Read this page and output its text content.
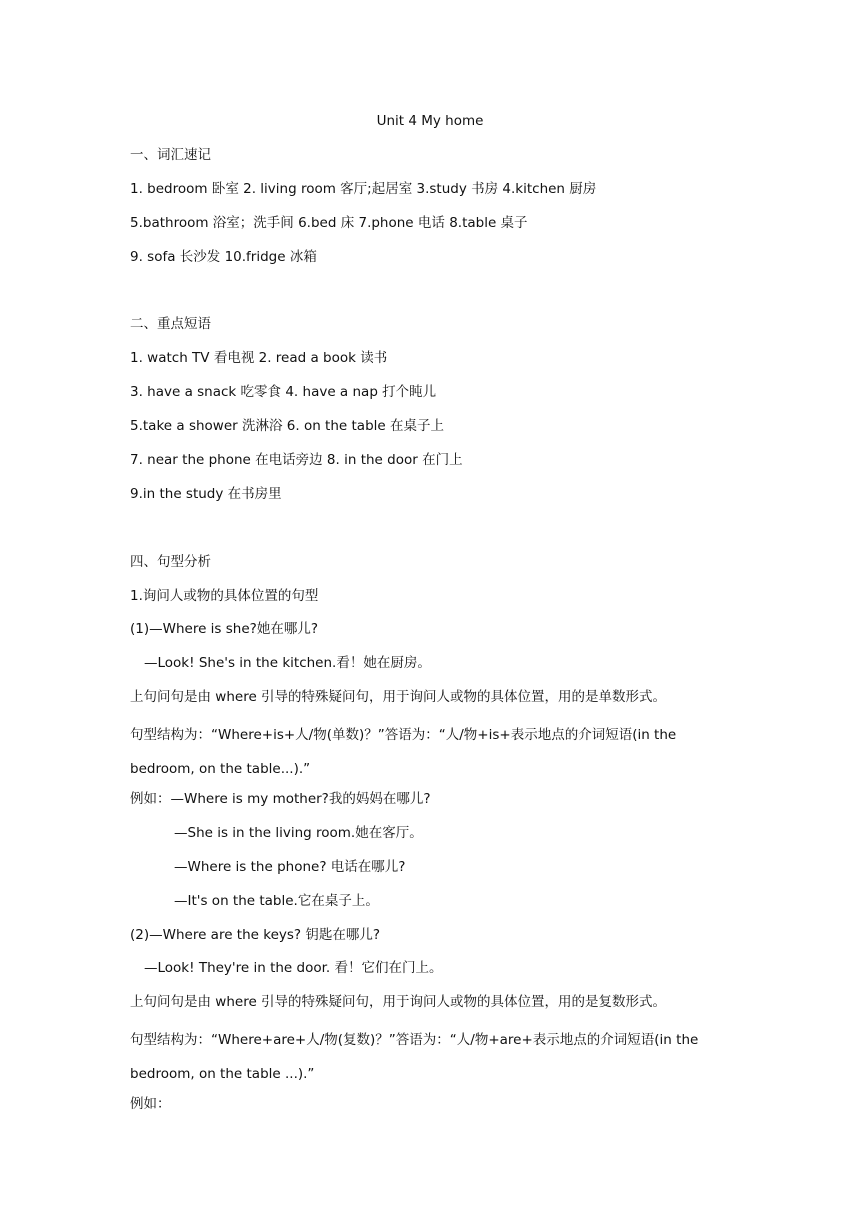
Unit 4 My home
一、词汇速记
1. bedroom 卧室 2. living room 客厅;起居室 3.study 书房 4.kitchen 厨房
5.bathroom 浴室；洗手间 6.bed 床 7.phone 电话 8.table 桌子
9. sofa 长沙发 10.fridge 冰箱
二、重点短语
1. watch TV 看电视 2. read a book 读书
3. have a snack 吃零食 4. have a nap 打个盹儿
5.take a shower 洗淋浴 6. on the table 在桌子上
7. near the phone 在电话旁边 8. in the door 在门上
9.in the study 在书房里
四、句型分析
1.询问人或物的具体位置的句型
(1)—Where is she?她在哪儿?
—Look! She's in the kitchen.看！她在厨房。
上句问句是由 where 引导的特殊疑问句，用于询问人或物的具体位置，用的是单数形式。
句型结构为：“Where+is+人/物(单数)？”答语为：“人/物+is+表示地点的介词短语(in the bedroom, on the table...).”
例如：—Where is my mother?我的妈妈在哪儿?
—She is in the living room.她在客厅。
—Where is the phone? 电话在哪儿?
—It's on the table.它在桌子上。
(2)—Where are the keys? 钥匙在哪儿?
—Look! They're in the door. 看！它们在门上。
上句问句是由 where 引导的特殊疑问句，用于询问人或物的具体位置，用的是复数形式。
句型结构为：“Where+are+人/物(复数)？”答语为：“人/物+are+表示地点的介词短语(in the bedroom, on the table ...).”
例如：
